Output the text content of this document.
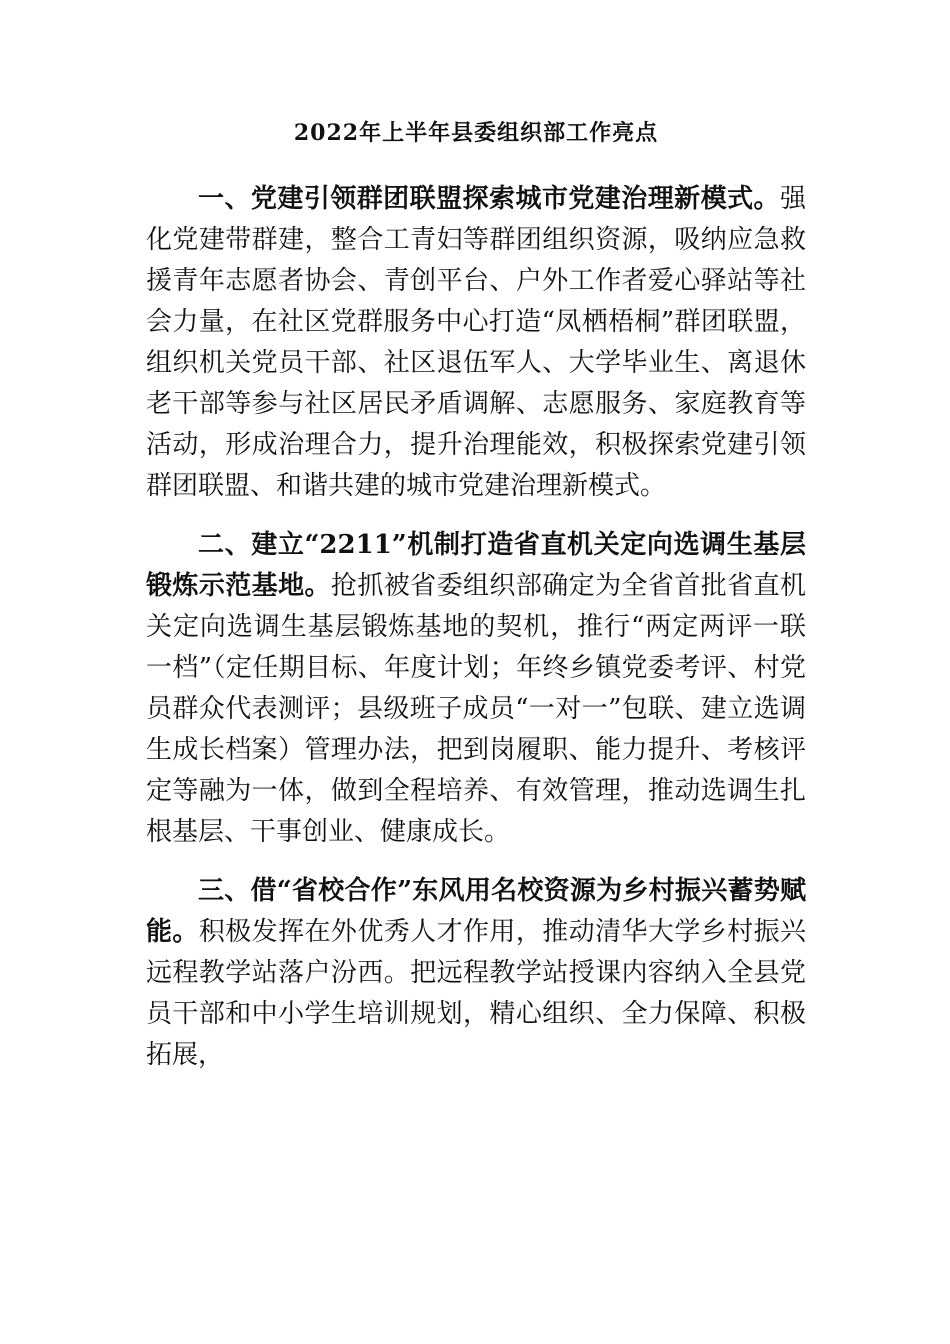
2022年上半年县委组织部工作亮点

一、党建引领群团联盟探索城市党建治理新模式。强化党建带群建，整合工青妇等群团组织资源，吸纳应急救援青年志愿者协会、青创平台、户外工作者爱心驿站等社会力量，在社区党群服务中心打造“凤栖梧桐”群团联盟，组织机关党员干部、社区退伍军人、大学毕业生、离退休老干部等参与社区居民矛盾调解、志愿服务、家庭教育等活动，形成治理合力，提升治理能效，积极探索党建引领群团联盟、和谐共建的城市党建治理新模式。

二、建立“2211”机制打造省直机关定向选调生基层锻炼示范基地。抢抓被省委组织部确定为全省首批省直机关定向选调生基层锻炼基地的契机，推行“两定两评一联一档”（定任期目标、年度计划；年终乡镇党委考评、村党员群众代表测评；县级班子成员“一对一”包联、建立选调生成长档案）管理办法，把到岗履职、能力提升、考核评定等融为一体，做到全程培养、有效管理，推动选调生扎根基层、干事创业、健康成长。

三、借“省校合作”东风用名校资源为乡村振兴蓄势赋能。积极发挥在外优秀人才作用，推动清华大学乡村振兴远程教学站落户汾西。把远程教学站授课内容纳入全县党员干部和中小学生培训规划，精心组织、全力保障、积极拓展，
